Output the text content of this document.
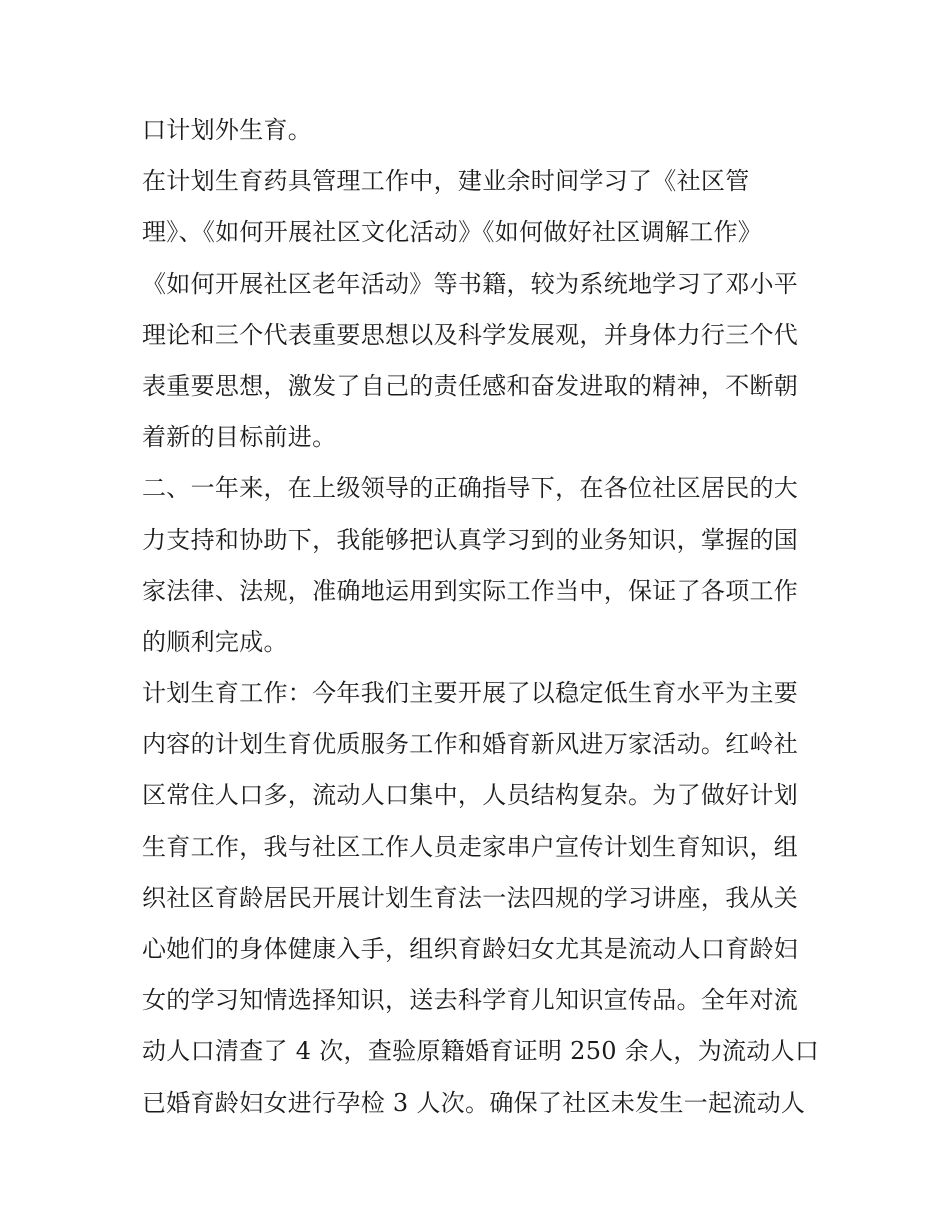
口计划外生育。
在计划生育药具管理工作中，建业余时间学习了《社区管
理》、《如何开展社区文化活动》《如何做好社区调解工作》
《如何开展社区老年活动》等书籍，较为系统地学习了邓小平
理论和三个代表重要思想以及科学发展观，并身体力行三个代
表重要思想，激发了自己的责任感和奋发进取的精神，不断朝
着新的目标前进。
二、一年来，在上级领导的正确指导下，在各位社区居民的大
力支持和协助下，我能够把认真学习到的业务知识，掌握的国
家法律、法规，准确地运用到实际工作当中，保证了各项工作
的顺利完成。
计划生育工作：今年我们主要开展了以稳定低生育水平为主要
内容的计划生育优质服务工作和婚育新风进万家活动。红岭社
区常住人口多，流动人口集中，人员结构复杂。为了做好计划
生育工作，我与社区工作人员走家串户宣传计划生育知识，组
织社区育龄居民开展计划生育法一法四规的学习讲座，我从关
心她们的身体健康入手，组织育龄妇女尤其是流动人口育龄妇
女的学习知情选择知识，送去科学育儿知识宣传品。全年对流
动人口清查了 4 次，查验原籍婚育证明 250 余人，为流动人口
已婚育龄妇女进行孕检 3 人次。确保了社区未发生一起流动人
